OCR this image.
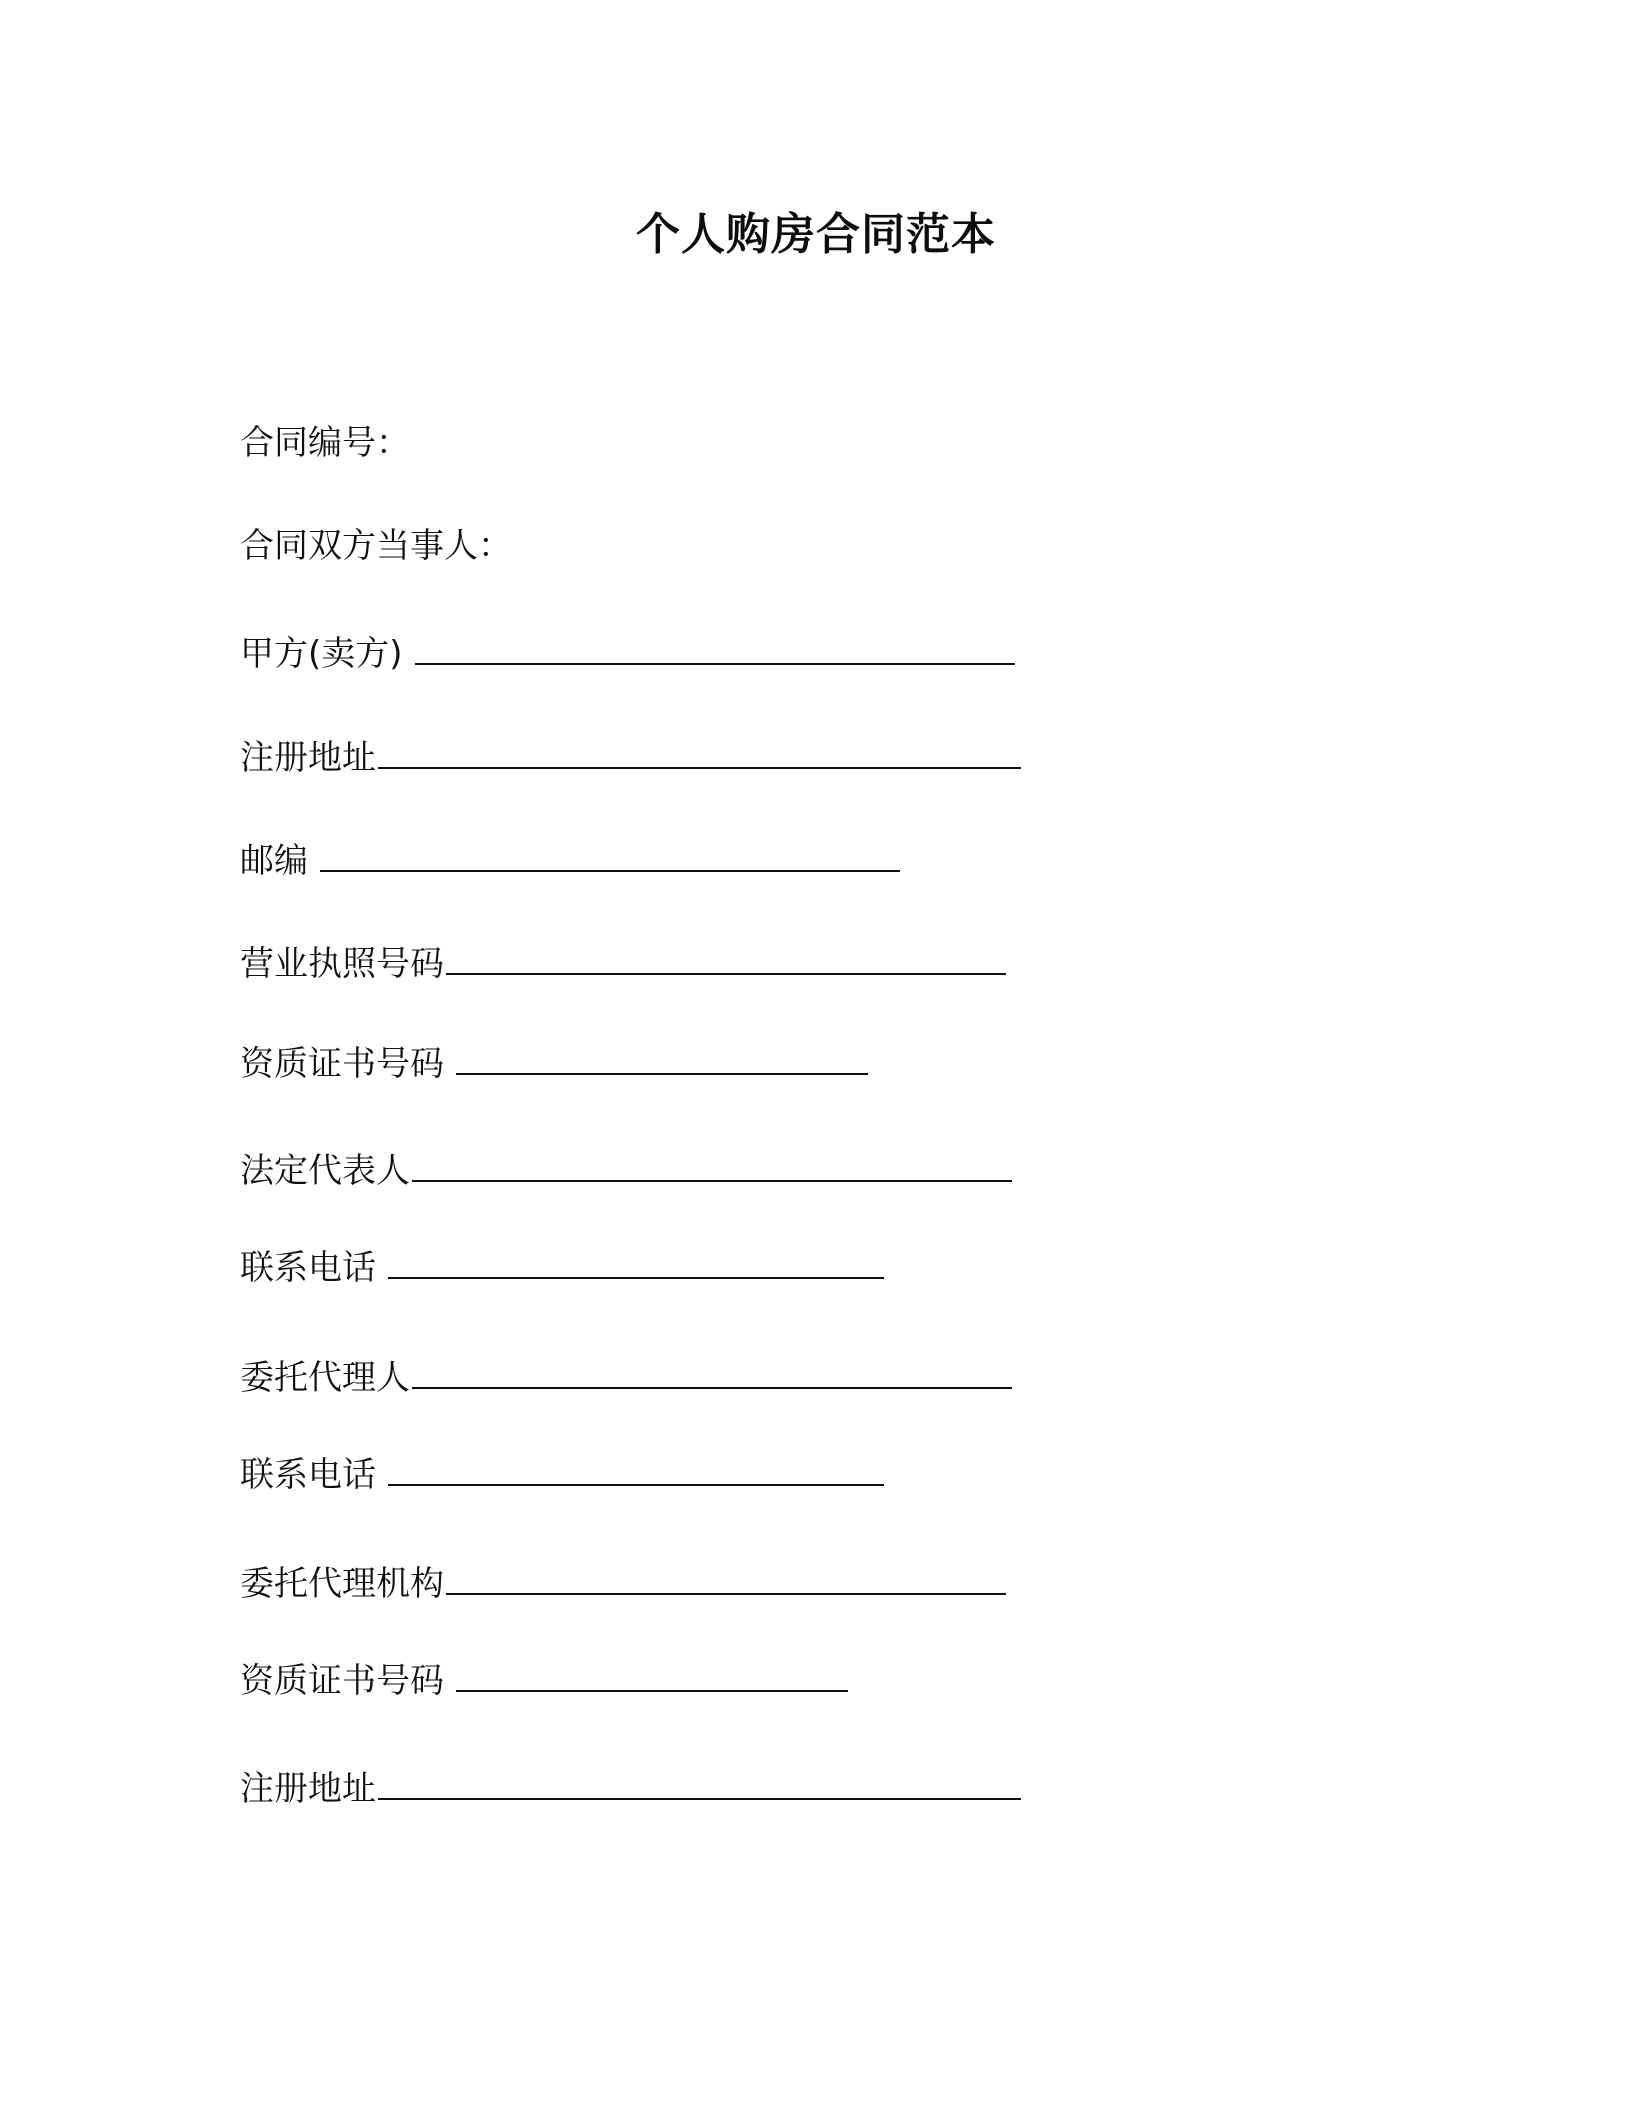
个人购房合同范本
合同编号：
合同双方当事人：
甲方(卖方)
注册地址
邮编
营业执照号码
资质证书号码
法定代表人
联系电话
委托代理人
联系电话
委托代理机构
资质证书号码
注册地址
